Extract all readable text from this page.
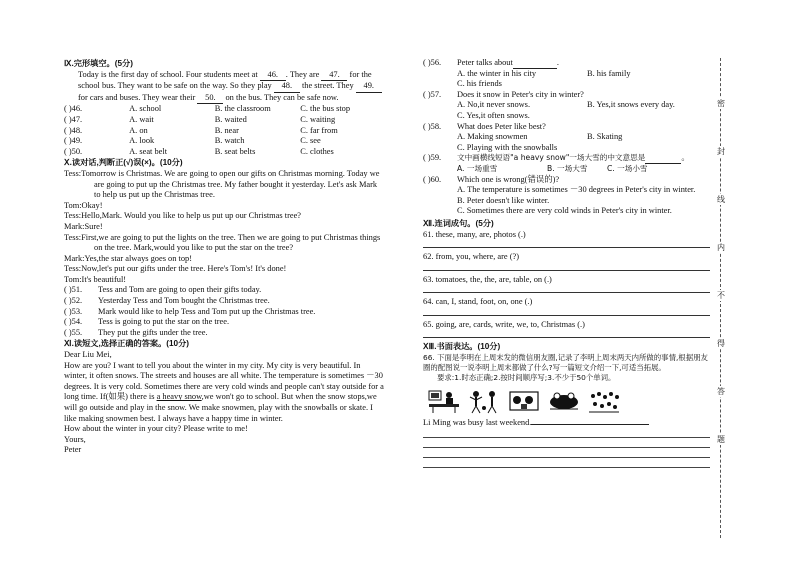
Ⅸ.完形填空。(5分)
Today is the first day of school. Four students meet at 46. . They are 47. for the school bus. They want to be safe on the way. So they play 48. the street. They 49. for cars and buses. They wear their 50. on the bus. They can be safe now.
( )46.	A. school	B. the classroom	C. the bus stop
( )47.	A. wait	B. waited	C. waiting
( )48.	A. on	B. near	C. far from
( )49.	A. look	B. watch	C. see
( )50.	A. seat belt	B. seat belts	C. clothes
Ⅹ.读对话,判断正(√)误(×)。(10分)
Tess:Tomorrow is Christmas. We are going to open our gifts on Christmas morning. Today we are going to put up the Christmas tree. My father bought it yesterday. Let's ask Mark to help us put up the Christmas tree.
Tom:Okay!
Tess:Hello,Mark. Would you like to help us put up our Christmas tree?
Mark:Sure!
Tess:First,we are going to put the lights on the tree. Then we are going to put Christmas things on the tree. Mark,would you like to put the star on the tree?
Mark:Yes,the star always goes on top!
Tess:Now,let's put our gifts under the tree. Here's Tom's! It's done!
Tom:It's beautiful!
( )51.	Tess and Tom are going to open their gifts today.
( )52.	Yesterday Tess and Tom bought the Christmas tree.
( )53.	Mark would like to help Tess and Tom put up the Christmas tree.
( )54.	Tess is going to put the star on the tree.
( )55.	They put the gifts under the tree.
Ⅺ.读短文,选择正确的答案。(10分)
Dear Liu Mei,
How are you? I want to tell you about the winter in my city. My city is very beautiful. In winter, it often snows. The streets and houses are all white. The temperature is sometimes －30 degrees. It is very cold. Sometimes there are very cold winds and people can't stay outside for a long time. If(如果) there is a heavy snow,we won't go to school. But when the snow stops,we will go outside and play in the snow. We make snowmen, play with the snowballs or skate. I like making snowmen best. I always have a happy time in winter.
How about the winter in your city? Please write to me!
Yours,
Peter
( )56.	Peter talks about	.
A. the winter in his city	B. his family
C. his friends
( )57.	Does it snow in Peter's city in winter?
A. No,it never snows.	B. Yes,it snows every day.
C. Yes,it often snows.
( )58.	What does Peter like best?
A. Making snowmen	B. Skating
C. Playing with the snowballs
( )59.	文中画横线短语"a heavy snow"一场大雪的中文意思是	。
A. 一场重雪	B. 一场大雪	C. 一场小雪
( )60.	Which one is wrong(错误的)?
A. The temperature is sometimes －30 degrees in Peter's city in winter.
B. Peter doesn't like winter.
C. Sometimes there are very cold winds in Peter's city in winter.
Ⅻ.连词成句。(5分)
61. these, many, are, photos (.)
62. from, you, where, are (?)
63. tomatoes, the, the, are, table, on (.)
64. can, I, stand, foot, on, one (.)
65. going, are, cards, write, we, to, Christmas (.)
ⅩⅢ.书面表达。(10分)
66. 下面是李明在上周末发的微信朋友圈,记录了李明上周末两天内所做的事情,根据朋友圈的配图说一说李明上周末都做了什么?写一篇短文介绍一下,可适当拓展。
要求:1.时态正确;2.按时间顺序写;3.不少于50个单词。
Li Ming was busy last weekend.
密
封
线
内
不
得
答
题
